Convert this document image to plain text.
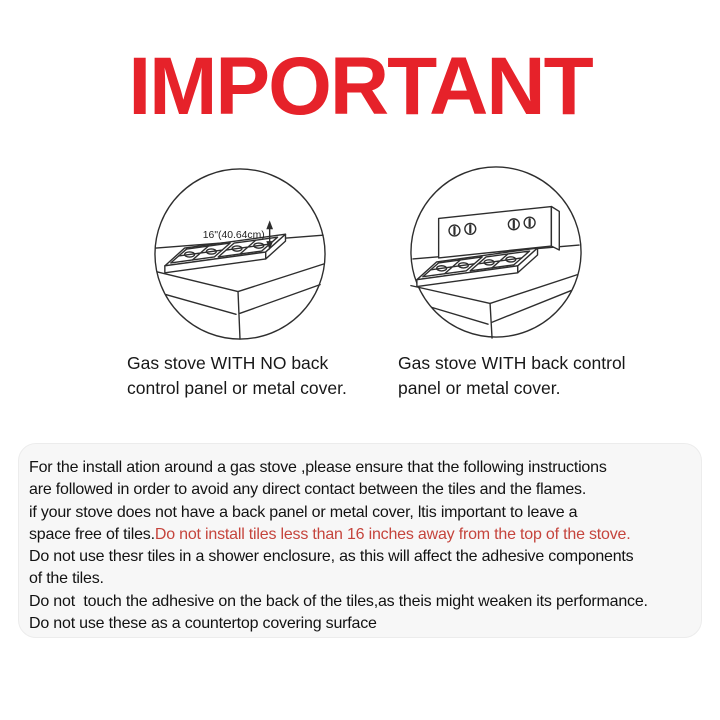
IMPORTANT
16"(40.64cm)
Gas stove WITH NO back
control panel or metal cover.
Gas stove WITH back control
panel or metal cover.
For the install ation around a gas stove ,please ensure that the following instructions
are followed in order to avoid any direct contact between the tiles and the flames.
if your stove does not have a back panel or metal cover, ltis important to leave a
space free of tiles.Do not install tiles less than 16 inches away from the top of the stove.
Do not use thesr tiles in a shower enclosure, as this will affect the adhesive components
of the tiles.
Do not  touch the adhesive on the back of the tiles,as theis might weaken its performance.
Do not use these as a countertop covering surface
